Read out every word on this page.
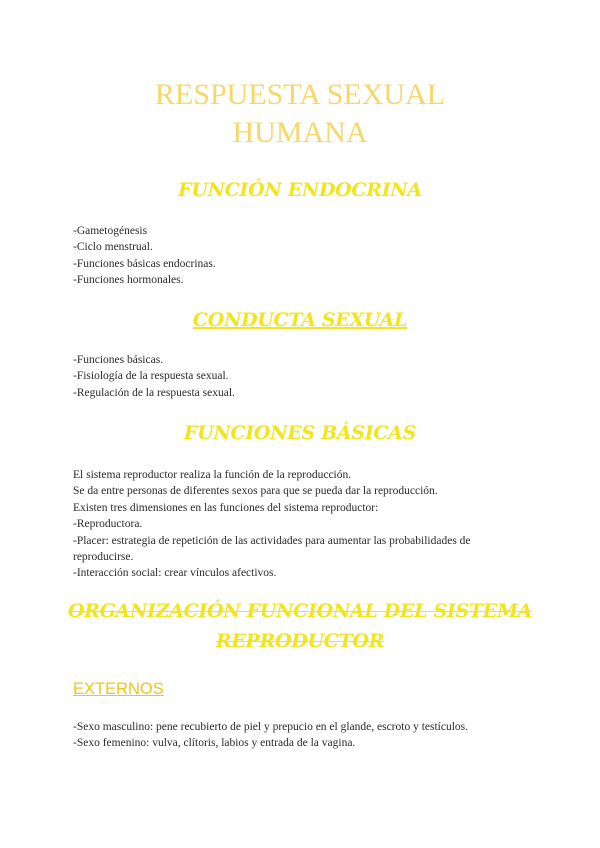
RESPUESTA SEXUAL
HUMANA
FUNCIÓN ENDOCRINA
-Gametogénesis
-Ciclo menstrual.
-Funciones básicas endocrinas.
-Funciones hormonales.
CONDUCTA SEXUAL
-Funciones básicas.
-Fisiología de la respuesta sexual.
-Regulación de la respuesta sexual.
FUNCIONES BÁSICAS
El sistema reproductor realiza la función de la reproducción.
Se da entre personas de diferentes sexos para que se pueda dar la reproducción.
Existen tres dimensiones en las funciones del sistema reproductor:
-Reproductora.
-Placer: estrategia de repetición de las actividades para aumentar las probabilidades de reproducirse.
-Interacción social: crear vínculos afectivos.
ORGANIZACIÓN FUNCIONAL DEL SISTEMA
REPRODUCTOR
EXTERNOS
-Sexo masculino: pene recubierto de piel y prepucio en el glande, escroto y testículos.
-Sexo femenino: vulva, clítoris, labios y entrada de la vagina.
